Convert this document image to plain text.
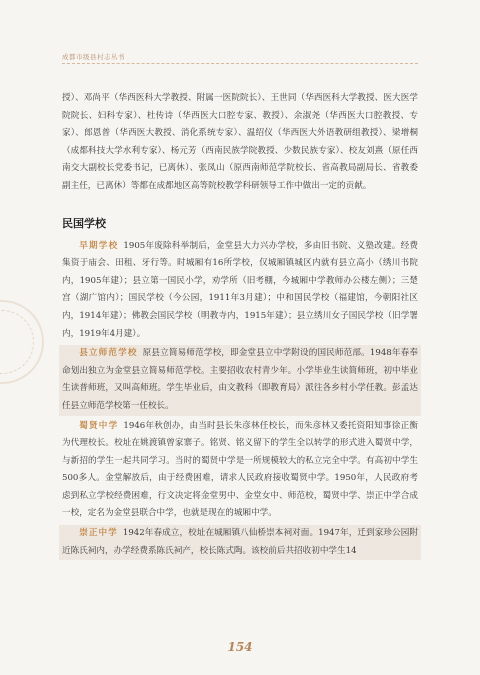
成都市级县村志丛书

授）、邓尚平（华西医科大学教授、附属一医院院长）、王世同（华西医科大学教授、医大医学院院长、妇科专家）、杜传诗（华西医大口腔专家、教授）、余淑尧（华西医大口腔教授、专家）、郎恩普（华西医大教授、消化系统专家）、温绍仪（华西医大外语教研组教授）、梁增桐（成都科技大学水利专家）、杨元芳（西南民族学院教授、少数民族专家）、校友刘熹（原任西南交大副校长党委书记，已离休）、张凤山（原西南师范学院校长、省高教局副局长、省教委副主任，已离休）等都在成都地区高等院校教学科研领导工作中做出一定的贡献。

民国学校

早期学校 1905年废除科举制后，金堂县大力兴办学校，多由旧书院、义塾改建。经费集资于庙会、田租、牙行等。时城厢有16所学校，仅城厢镇城区内就有县立高小（绣川书院内，1905年建）；县立第一国民小学，劝学所（旧考棚，今城厢中学教师办公楼左侧）；三楚宫（湖广馆内）；国民学校（今公园，1911年3月建）；中和国民学校（福建馆，今朝阳社区内，1914年建）；佛教会国民学校（明教寺内，1915年建）；县立绣川女子国民学校（旧学署内，1919年4月建）。

县立师范学校 原县立简易师范学校，即金堂县立中学附设的国民师范部。1948年春奉命划出独立为金堂县立简易师范学校。主要招收农村青少年。小学毕业生读简师班，初中毕业生读普师班，又叫高师班。学生毕业后，由文教科（即教育局）派往各乡村小学任教。彭孟达任县立师范学校第一任校长。

蜀贤中学 1946年秋创办，由当时县长朱彦林任校长，而朱彦林又委托资阳知事徐正衡为代理校长。校址在姚渡镇曾家寨子。铭贤、铭义留下的学生全以转学的形式进入蜀贤中学，与新招的学生一起共同学习。当时的蜀贤中学是一所规模较大的私立完全中学。有高初中学生500多人。金堂解放后，由于经费困难，请求人民政府接收蜀贤中学。1950年，人民政府考虑到私立学校经费困难，行文决定将金堂男中、金堂女中、师范校，蜀贤中学、崇正中学合成一校，定名为金堂县联合中学，也就是现在的城厢中学。

崇正中学 1942年春成立，校址在城厢镇八仙桥崇本祠对面。1947年，迁到家珍公园附近陈氏祠内，办学经费系陈氏祠产，校长陈式陶。该校前后共招收初中学生14

154
